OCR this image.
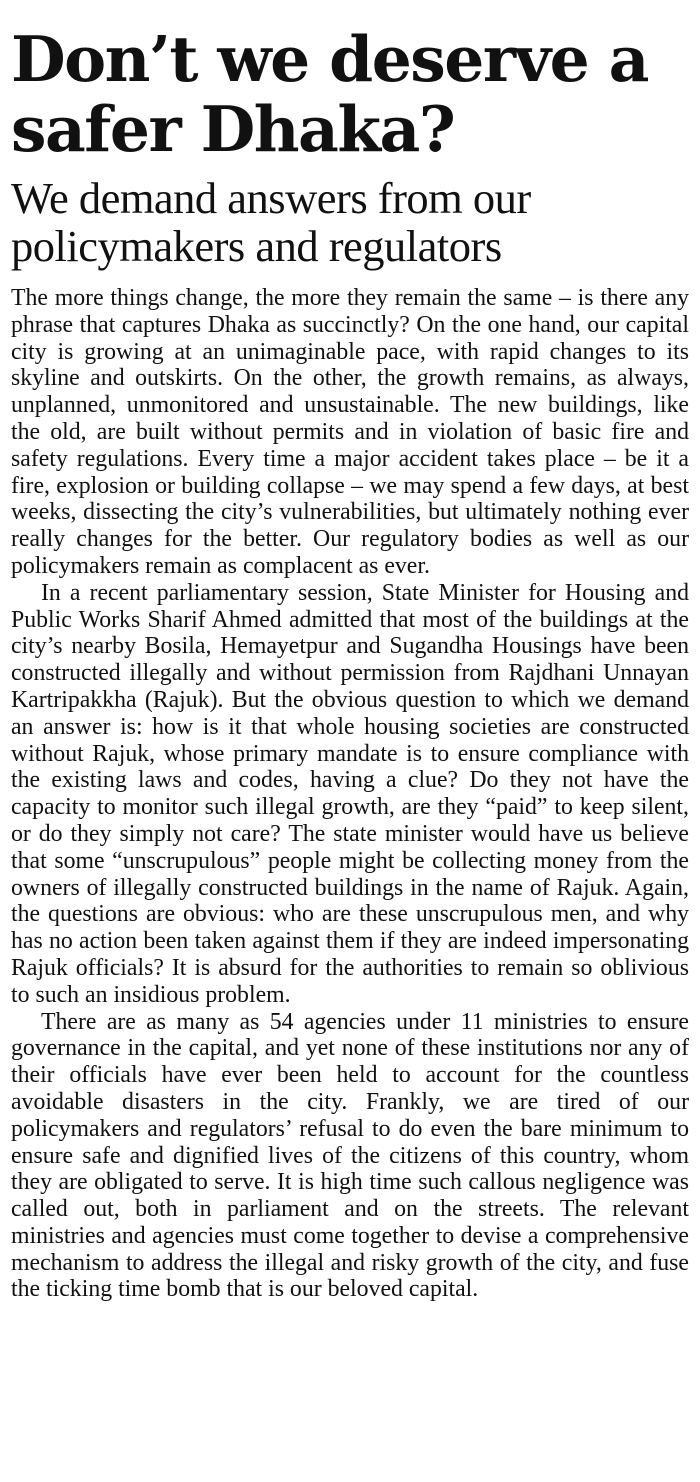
Don’t we deserve a safer Dhaka?
We demand answers from our policymakers and regulators

The more things change, the more they remain the same – is there any phrase that captures Dhaka as succinctly? On the one hand, our capital city is growing at an unimaginable pace, with rapid changes to its skyline and outskirts. On the other, the growth remains, as always, unplanned, unmonitored and unsustainable. The new buildings, like the old, are built without permits and in violation of basic fire and safety regulations. Every time a major accident takes place – be it a fire, explosion or building collapse – we may spend a few days, at best weeks, dissecting the city’s vulnerabilities, but ultimately nothing ever really changes for the better. Our regulatory bodies as well as our policymakers remain as complacent as ever.

In a recent parliamentary session, State Minister for Housing and Public Works Sharif Ahmed admitted that most of the buildings at the city’s nearby Bosila, Hemayetpur and Sugandha Housings have been constructed illegally and without permission from Rajdhani Unnayan Kartripakkha (Rajuk). But the obvious question to which we demand an answer is: how is it that whole housing societies are constructed without Rajuk, whose primary mandate is to ensure compliance with the existing laws and codes, having a clue? Do they not have the capacity to monitor such illegal growth, are they “paid” to keep silent, or do they simply not care? The state minister would have us believe that some “unscrupulous” people might be collecting money from the owners of illegally constructed buildings in the name of Rajuk. Again, the questions are obvious: who are these unscrupulous men, and why has no action been taken against them if they are indeed impersonating Rajuk officials? It is absurd for the authorities to remain so oblivious to such an insidious problem.

There are as many as 54 agencies under 11 ministries to ensure governance in the capital, and yet none of these institutions nor any of their officials have ever been held to account for the countless avoidable disasters in the city. Frankly, we are tired of our policymakers and regulators’ refusal to do even the bare minimum to ensure safe and dignified lives of the citizens of this country, whom they are obligated to serve. It is high time such callous negligence was called out, both in parliament and on the streets. The relevant ministries and agencies must come together to devise a comprehensive mechanism to address the illegal and risky growth of the city, and fuse the ticking time bomb that is our beloved capital.
